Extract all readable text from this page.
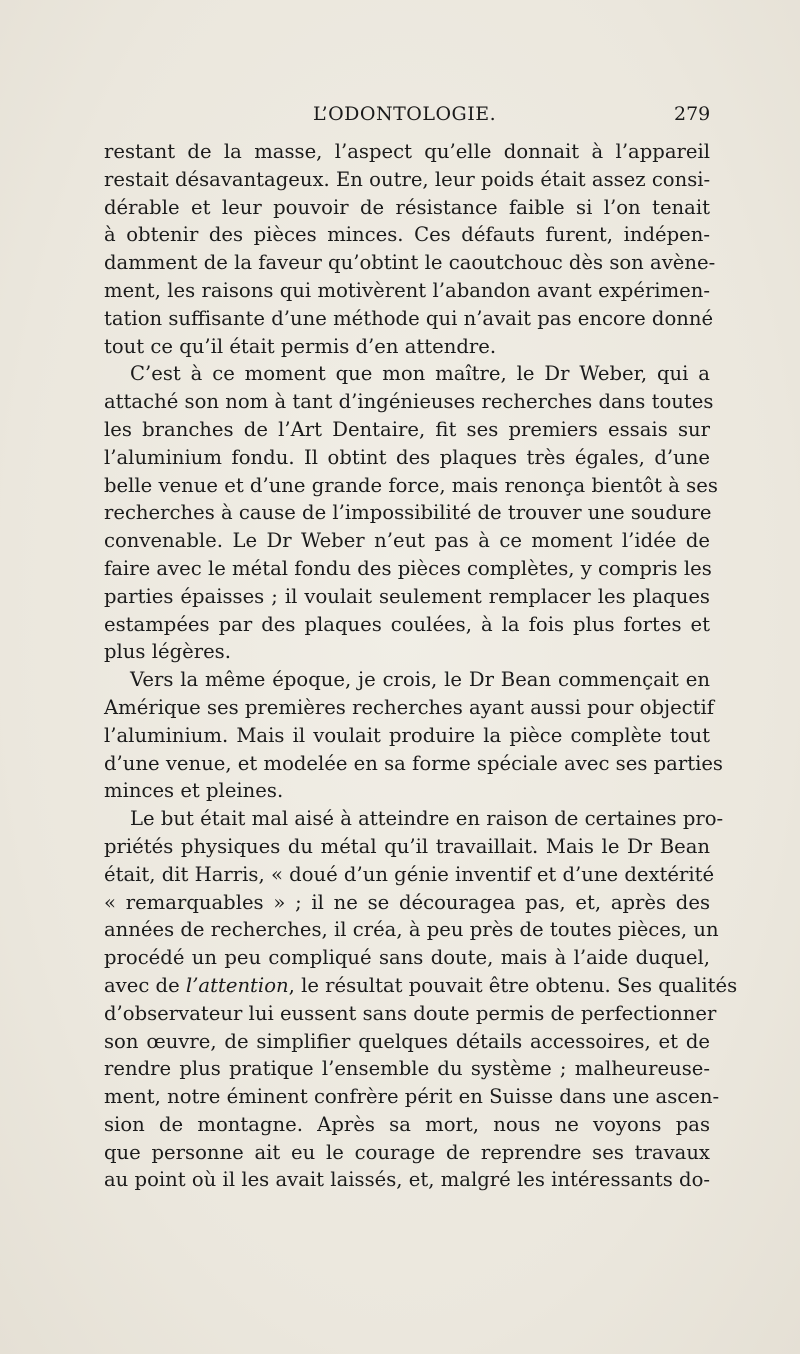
L’ODONTOLOGIE.	279
restant de la masse, l’aspect qu’elle donnait à l’appareil
restait désavantageux. En outre, leur poids était assez consi-
dérable et leur pouvoir de résistance faible si l’on tenait
à obtenir des pièces minces. Ces défauts furent, indépen-
damment de la faveur qu’obtint le caoutchouc dès son avène-
ment, les raisons qui motivèrent l’abandon avant expérimen-
tation suffisante d’une méthode qui n’avait pas encore donné
tout ce qu’il était permis d’en attendre.
C’est à ce moment que mon maître, le Dr Weber, qui a
attaché son nom à tant d’ingénieuses recherches dans toutes
les branches de l’Art Dentaire, fit ses premiers essais sur
l’aluminium fondu. Il obtint des plaques très égales, d’une
belle venue et d’une grande force, mais renonça bientôt à ses
recherches à cause de l’impossibilité de trouver une soudure
convenable. Le Dr Weber n’eut pas à ce moment l’idée de
faire avec le métal fondu des pièces complètes, y compris les
parties épaisses ; il voulait seulement remplacer les plaques
estampées par des plaques coulées, à la fois plus fortes et
plus légères.
Vers la même époque, je crois, le Dr Bean commençait en
Amérique ses premières recherches ayant aussi pour objectif
l’aluminium. Mais il voulait produire la pièce complète tout
d’une venue, et modelée en sa forme spéciale avec ses parties
minces et pleines.
Le but était mal aisé à atteindre en raison de certaines pro-
priétés physiques du métal qu’il travaillait. Mais le Dr Bean
était, dit Harris, « doué d’un génie inventif et d’une dextérité
« remarquables » ; il ne se découragea pas, et, après des
années de recherches, il créa, à peu près de toutes pièces, un
procédé un peu compliqué sans doute, mais à l’aide duquel,
avec de l’attention, le résultat pouvait être obtenu. Ses qualités
d’observateur lui eussent sans doute permis de perfectionner
son œuvre, de simplifier quelques détails accessoires, et de
rendre plus pratique l’ensemble du système ; malheureuse-
ment, notre éminent confrère périt en Suisse dans une ascen-
sion de montagne. Après sa mort, nous ne voyons pas
que personne ait eu le courage de reprendre ses travaux
au point où il les avait laissés, et, malgré les intéressants do-
